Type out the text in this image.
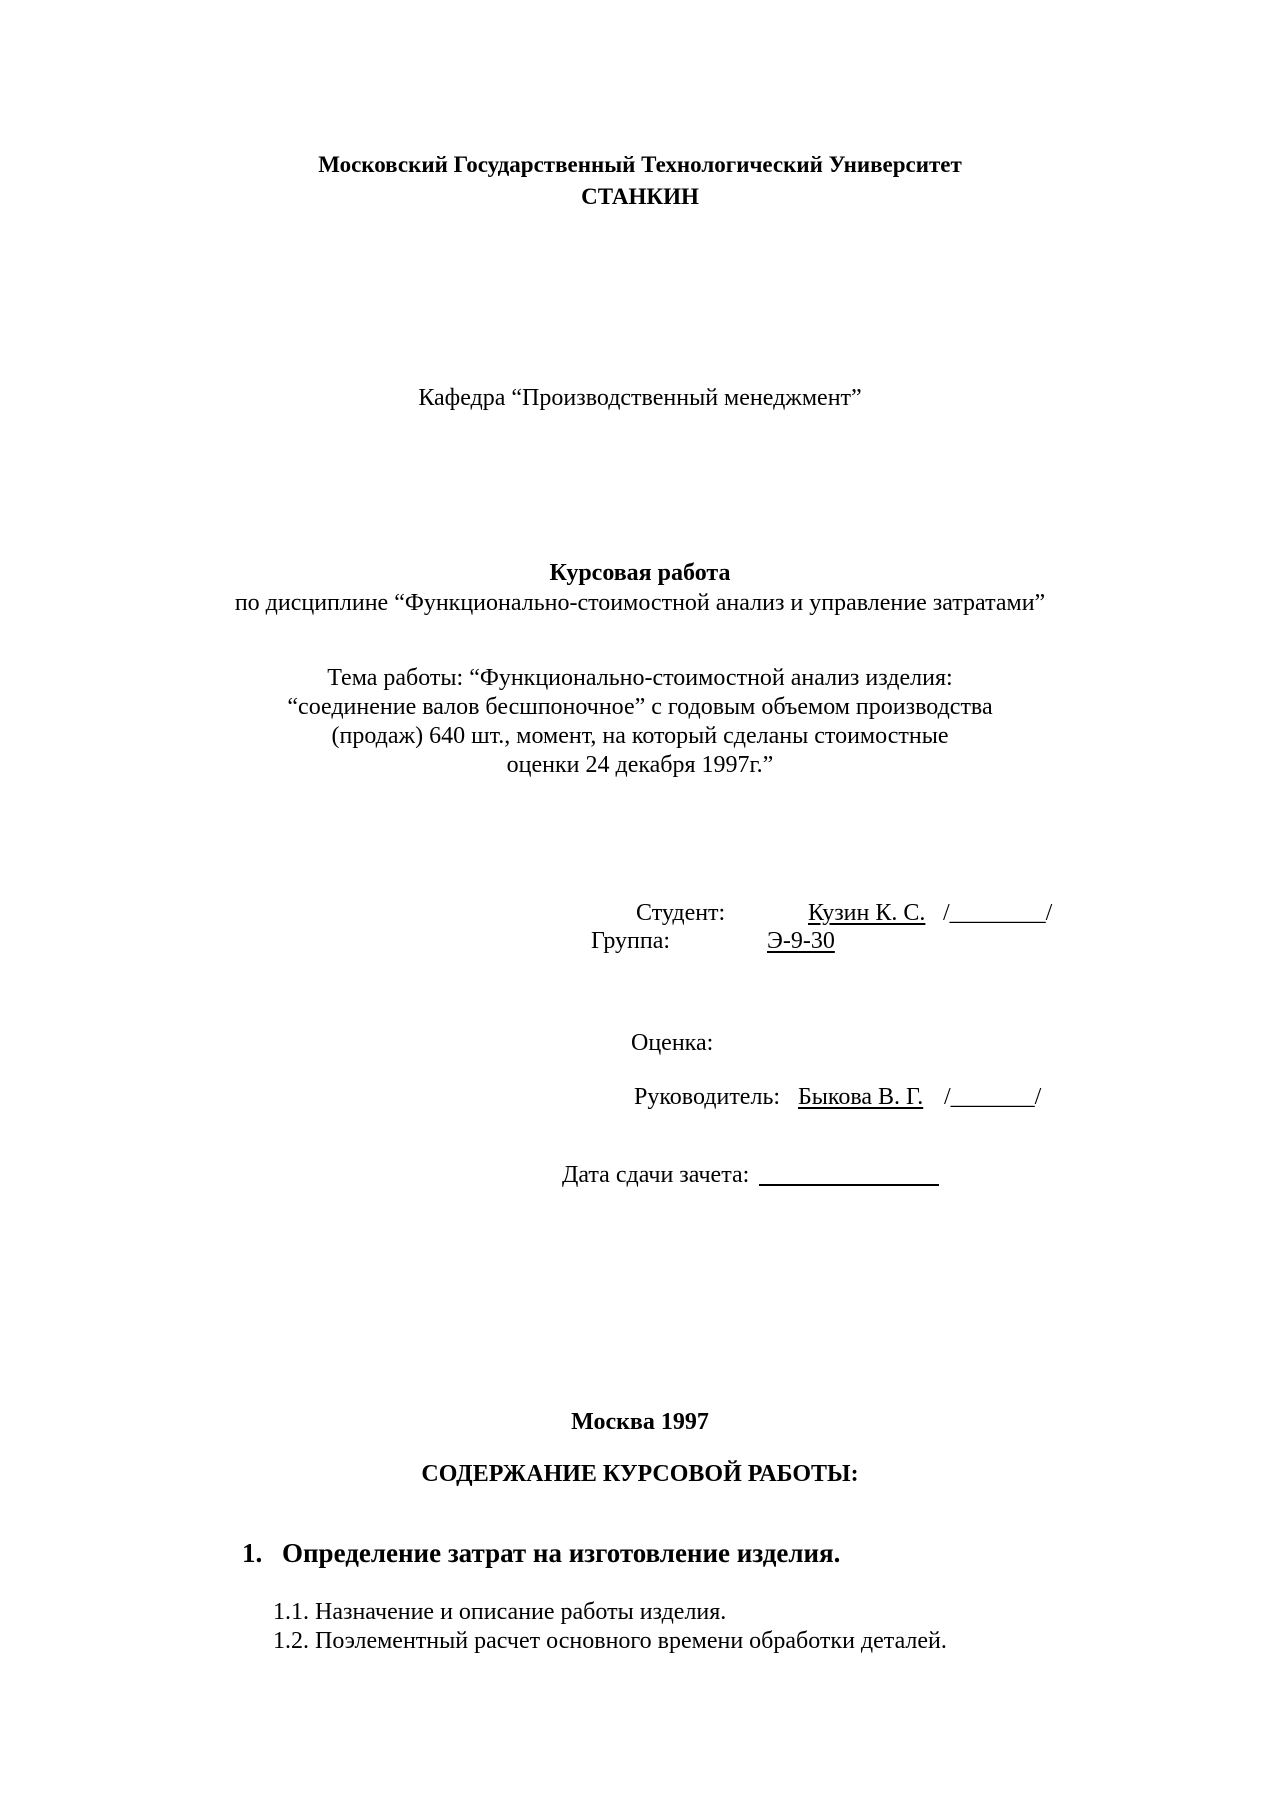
Московский Государственный Технологический Университет
СТАНКИН
Кафедра “Производственный менеджмент”
Курсовая работа
по дисциплине “Функционально-стоимостной анализ и управление затратами”
Тема работы: “Функционально-стоимостной анализ изделия:
“соединение валов бесшпоночное” с годовым объемом производства
(продаж) 640 шт., момент, на который сделаны стоимостные
оценки 24 декабря 1997г.”
Студент:	Кузин К. С. /________/
Группа:	Э-9-30
Оценка:
Руководитель: Быкова В. Г. /_______/
Дата сдачи зачета:
Москва 1997
СОДЕРЖАНИЕ КУРСОВОЙ РАБОТЫ:
1. Определение затрат на изготовление изделия.
1.1. Назначение и описание работы изделия.
1.2. Поэлементный расчет основного времени обработки деталей.
